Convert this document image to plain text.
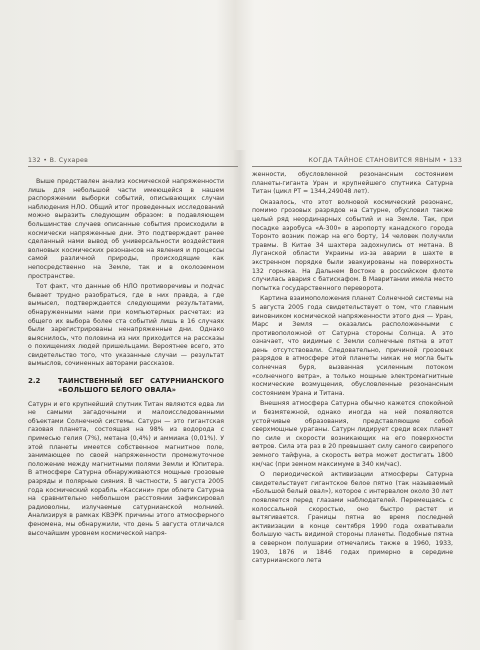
132 • В. Сухарев	КОГДА ТАЙНОЕ СТАНОВИТСЯ ЯВНЫМ • 133

Выше представлен анализ космической напряженности лишь для небольшой части имеющейся в нашем распоряжении выборки событий, описывающих случаи наблюдения НЛО. Общий итог проведенных исследований можно выразить следующим образом: в подавляющем большинстве случаев описанные события происходили в космически напряженные дни. Это подтверждает ранее сделанный нами вывод об универсальности воздействия волновых космических резонансов на явления и процессы самой различной природы, происходящие как непосредственно на Земле, так и в околоземном пространстве.

Тот факт, что данные об НЛО противоречивы и подчас бывает трудно разобраться, где в них правда, а где вымысел, подтверждается следующими результатами, обнаруженными нами при компьютерных расчетах: из общего их выбора более ста событий лишь в 16 случаях были зарегистрированы ненапряженные дни. Однако выяснилось, что половина из них приходится на рассказы о похищениях людей пришельцами. Вероятнее всего, это свидетельство того, что указанные случаи — результат вымыслов, сочиненных авторами рассказов.

2.2	ТАИНСТВЕННЫЙ БЕГ САТУРНИАНСКОГО «БОЛЬШОГО БЕЛОГО ОВАЛА»

Сатурн и его крупнейший спутник Титан являются едва ли не самыми загадочными и малоисследованными объектами Солнечной системы. Сатурн — это гигантская газовая планета, состоящая на 98% из водорода с примесью гелия (7%), метана (0,4%) и аммиака (0,01%). У этой планеты имеется собственное магнитное поле, занимающее по своей напряженности промежуточное положение между магнитными полями Земли и Юпитера. В атмосфере Сатурна обнаруживаются мощные грозовые разряды и полярные сияния. В частности, 5 августа 2005 года космический корабль «Кассини» при облете Сатурна на сравнительно небольшом расстоянии зафиксировал радиоволны, излучаемые сатурнианской молнией. Анализируя в рамках КВЭРК причины этого атмосферного феномена, мы обнаружили, что день 5 августа отличался высочайшим уровнем космической напря-

женности, обусловленной резонансным состоянием планеты-гиганта Уран и крупнейшего спутника Сатурна Титан (цикл PT = 1344,249048 лет).

Оказалось, что этот волновой космический резонанс, помимо грозовых разрядов на Сатурне, обусловил также целый ряд неординарных событий и на Земле. Так, при посадке аэробуса «А-300» в аэропорту канадского города Торонто возник пожар на его борту, 14 человек получили травмы. В Китае 34 шахтера задохнулись от метана. В Луганской области Украины из-за аварии в шахте в экстренном порядке были эвакуированы на поверхность 132 горняка. На Дальнем Востоке в российском флоте случилась авария с батискафом. В Мавритании имела место попытка государственного переворота.

Картина взаимоположения планет Солнечной системы на 5 августа 2005 года свидетельствует о том, что главным виновником космической напряженности этого дня — Уран, Марс и Земля — оказались расположенными с противоположной от Сатурна стороны Солнца. А это означает, что видимые с Земли солнечные пятна в этот день отсутствовали. Следовательно, причиной грозовых разрядов в атмосфере этой планеты никак не могла быть солнечная буря, вызванная усиленным потоком «солнечного ветра», а только мощные электромагнитные космические возмущения, обусловленные резонансным состоянием Урана и Титана.

Внешняя атмосфера Сатурна обычно кажется спокойной и безмятежной, однако иногда на ней появляются устойчивые образования, представляющие собой сверхмощные ураганы. Сатурн лидирует среди всех планет по силе и скорости возникающих на его поверхности ветров. Сила эта раз в 20 превышает силу самого свирепого земного тайфуна, а скорость ветра может достигать 1800 км/час (при земном максимуме в 340 км/час).

О периодической активизации атмосферы Сатурна свидетельствует гигантское белое пятно (так называемый «Большой белый овал»), которое с интервалом около 30 лет появляется перед глазами наблюдателей. Перемещаясь с колоссальной скоростью, оно быстро растет и вытягивается. Границы пятна во время последней активизации в конце сентября 1990 года охватывали большую часть видимой стороны планеты. Подобные пятна в северном полушарии отмечались также в 1960, 1933, 1903, 1876 и 1846 годах примерно в середине сатурнианского лета
